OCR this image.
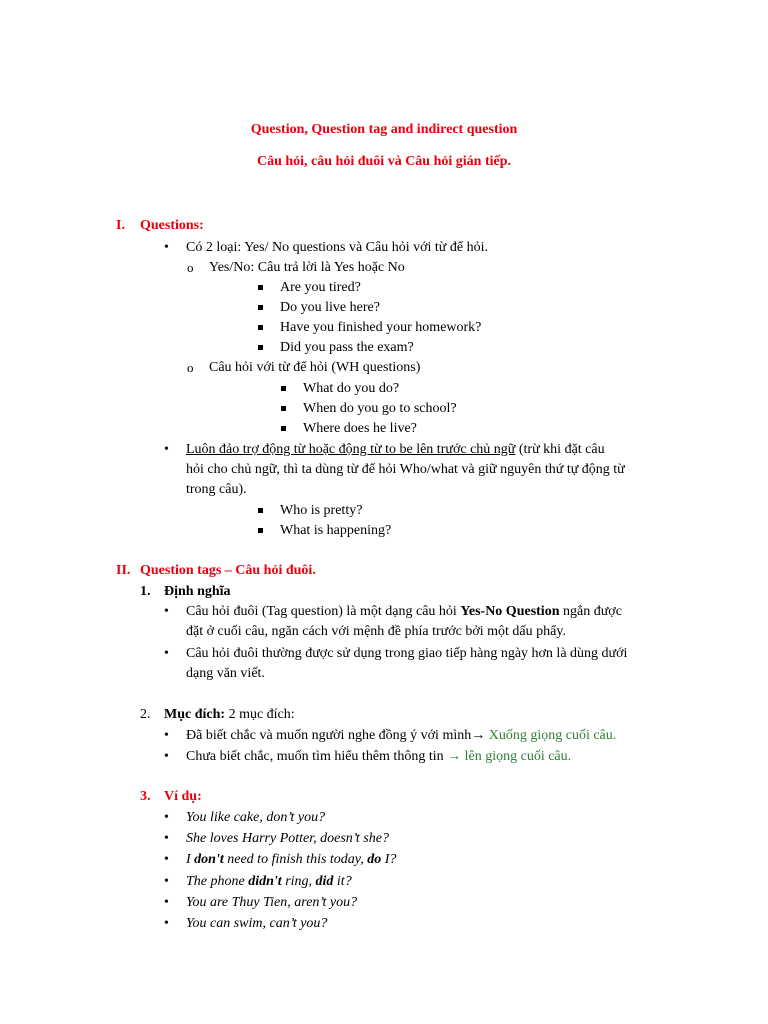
Question, Question tag and indirect question
Câu hỏi, câu hỏi đuôi và Câu hỏi gián tiếp.
I. Questions:
• Có 2 loại: Yes/ No questions và Câu hỏi với từ để hỏi.
o Yes/No: Câu trả lời là Yes hoặc No
Are you tired?
Do you live here?
Have you finished your homework?
Did you pass the exam?
o Câu hỏi với từ để hỏi (WH questions)
What do you do?
When do you go to school?
Where does he live?
• Luôn đảo trợ động từ hoặc động từ to be lên trước chủ ngữ (trừ khi đặt câu
hỏi cho chủ ngữ, thì ta dùng từ để hỏi Who/what và giữ nguyên thứ tự động từ
trong câu).
Who is pretty?
What is happening?
II. Question tags – Câu hỏi đuôi.
1. Định nghĩa
• Câu hỏi đuôi (Tag question) là một dạng câu hỏi Yes-No Question ngắn được
đặt ở cuối câu, ngăn cách với mệnh đề phía trước bởi một dấu phẩy.
• Câu hỏi đuôi thường được sử dụng trong giao tiếp hàng ngày hơn là dùng dưới
dạng văn viết.
2. Mục đích: 2 mục đích:
• Đã biết chắc và muốn người nghe đồng ý với mình→ Xuống giọng cuối câu.
• Chưa biết chắc, muốn tìm hiểu thêm thông tin → lên giọng cuối câu.
3. Ví dụ:
• You like cake, don’t you?
• She loves Harry Potter, doesn’t she?
• I don't need to finish this today, do I?
• The phone didn't ring, did it?
• You are Thuy Tien, aren’t you?
• You can swim, can’t you?
